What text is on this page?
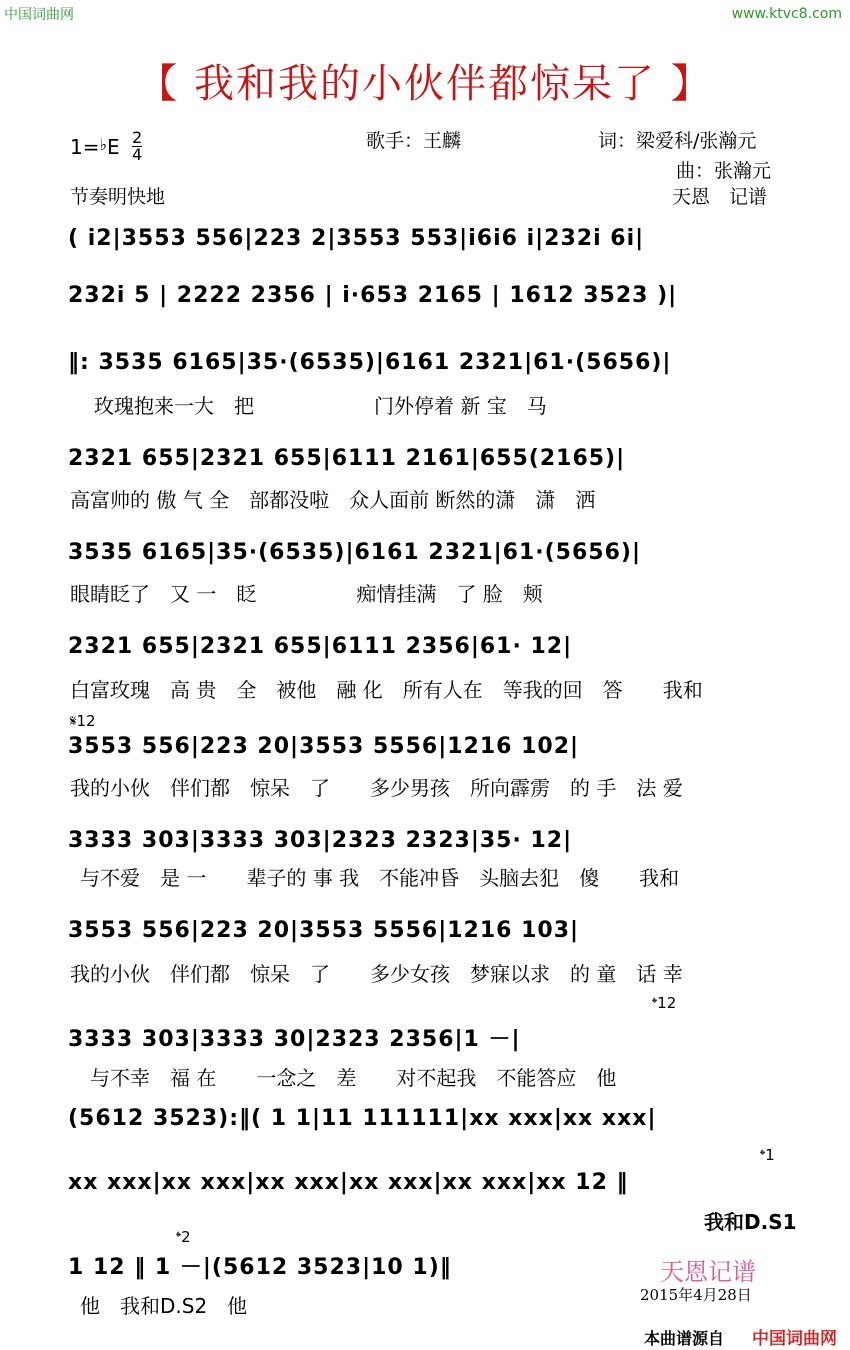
中国词曲网	www.ktvc8.com
【 我和我的小伙伴都惊呆了 】
$1=^♭E \frac{2}{4}$	歌手：王麟	词：梁爱科/张瀚元
曲：张瀚元
天恩　记谱
节奏明快地
( i2|3553 556|223 2|3553 553|i6i6 i|232i 6i|
232i 5 | 2222 2356 | i·653 2165 | 1612 3523 )|
‖: 3535 6165|35·(6535)|6161 2321|61·(5656)|
玫瑰抱来一大　把　　　　　　门外停着 新 宝　马
2321 655|2321 655|6111 2161|655(2165)|
高富帅的 傲 气 全　部都没啦　众人面前 断然的潇　潇　洒
3535 6165|35·(6535)|6161 2321|61·(5656)|
眼睛眨了　又 一　眨　　　　　痴情挂满　了 脸　颊
2321 655|2321 655|6111 2356|61· 12|
白富玫瑰　高 贵　全　被他　融 化　所有人在　等我的回　答　　我和
𝄋12
3553 556|223 20|3553 5556|1216 102|
我的小伙　伴们都　惊呆　了　　多少男孩　所向霹雳　的 手　法 爱
3333 303|3333 303|2323 2323|35· 12|
与不爱　是 一　　辈子的 事 我　不能冲昏　头脑去犯　傻　　我和
3553 556|223 20|3553 5556|1216 103|
我的小伙　伴们都　惊呆　了　　多少女孩　梦寐以求　的 童　话 幸
𝄌12
3333 303|3333 30|2323 2356|1 －|
与不幸　福 在　　一念之　差　　对不起我　不能答应　他
(5612 3523):‖( 1 1|11 111111|xx xxx|xx xxx|
𝄌1
xx xxx|xx xxx|xx xxx|xx xxx|xx xxx|xx 12 ‖
我和D.S1
𝄌2
1 12 ‖ 1 －|(5612 3523|10 1)‖
他　我和D.S2　他
天恩记谱
2015年4月28日
本曲谱源自 中国词曲网
